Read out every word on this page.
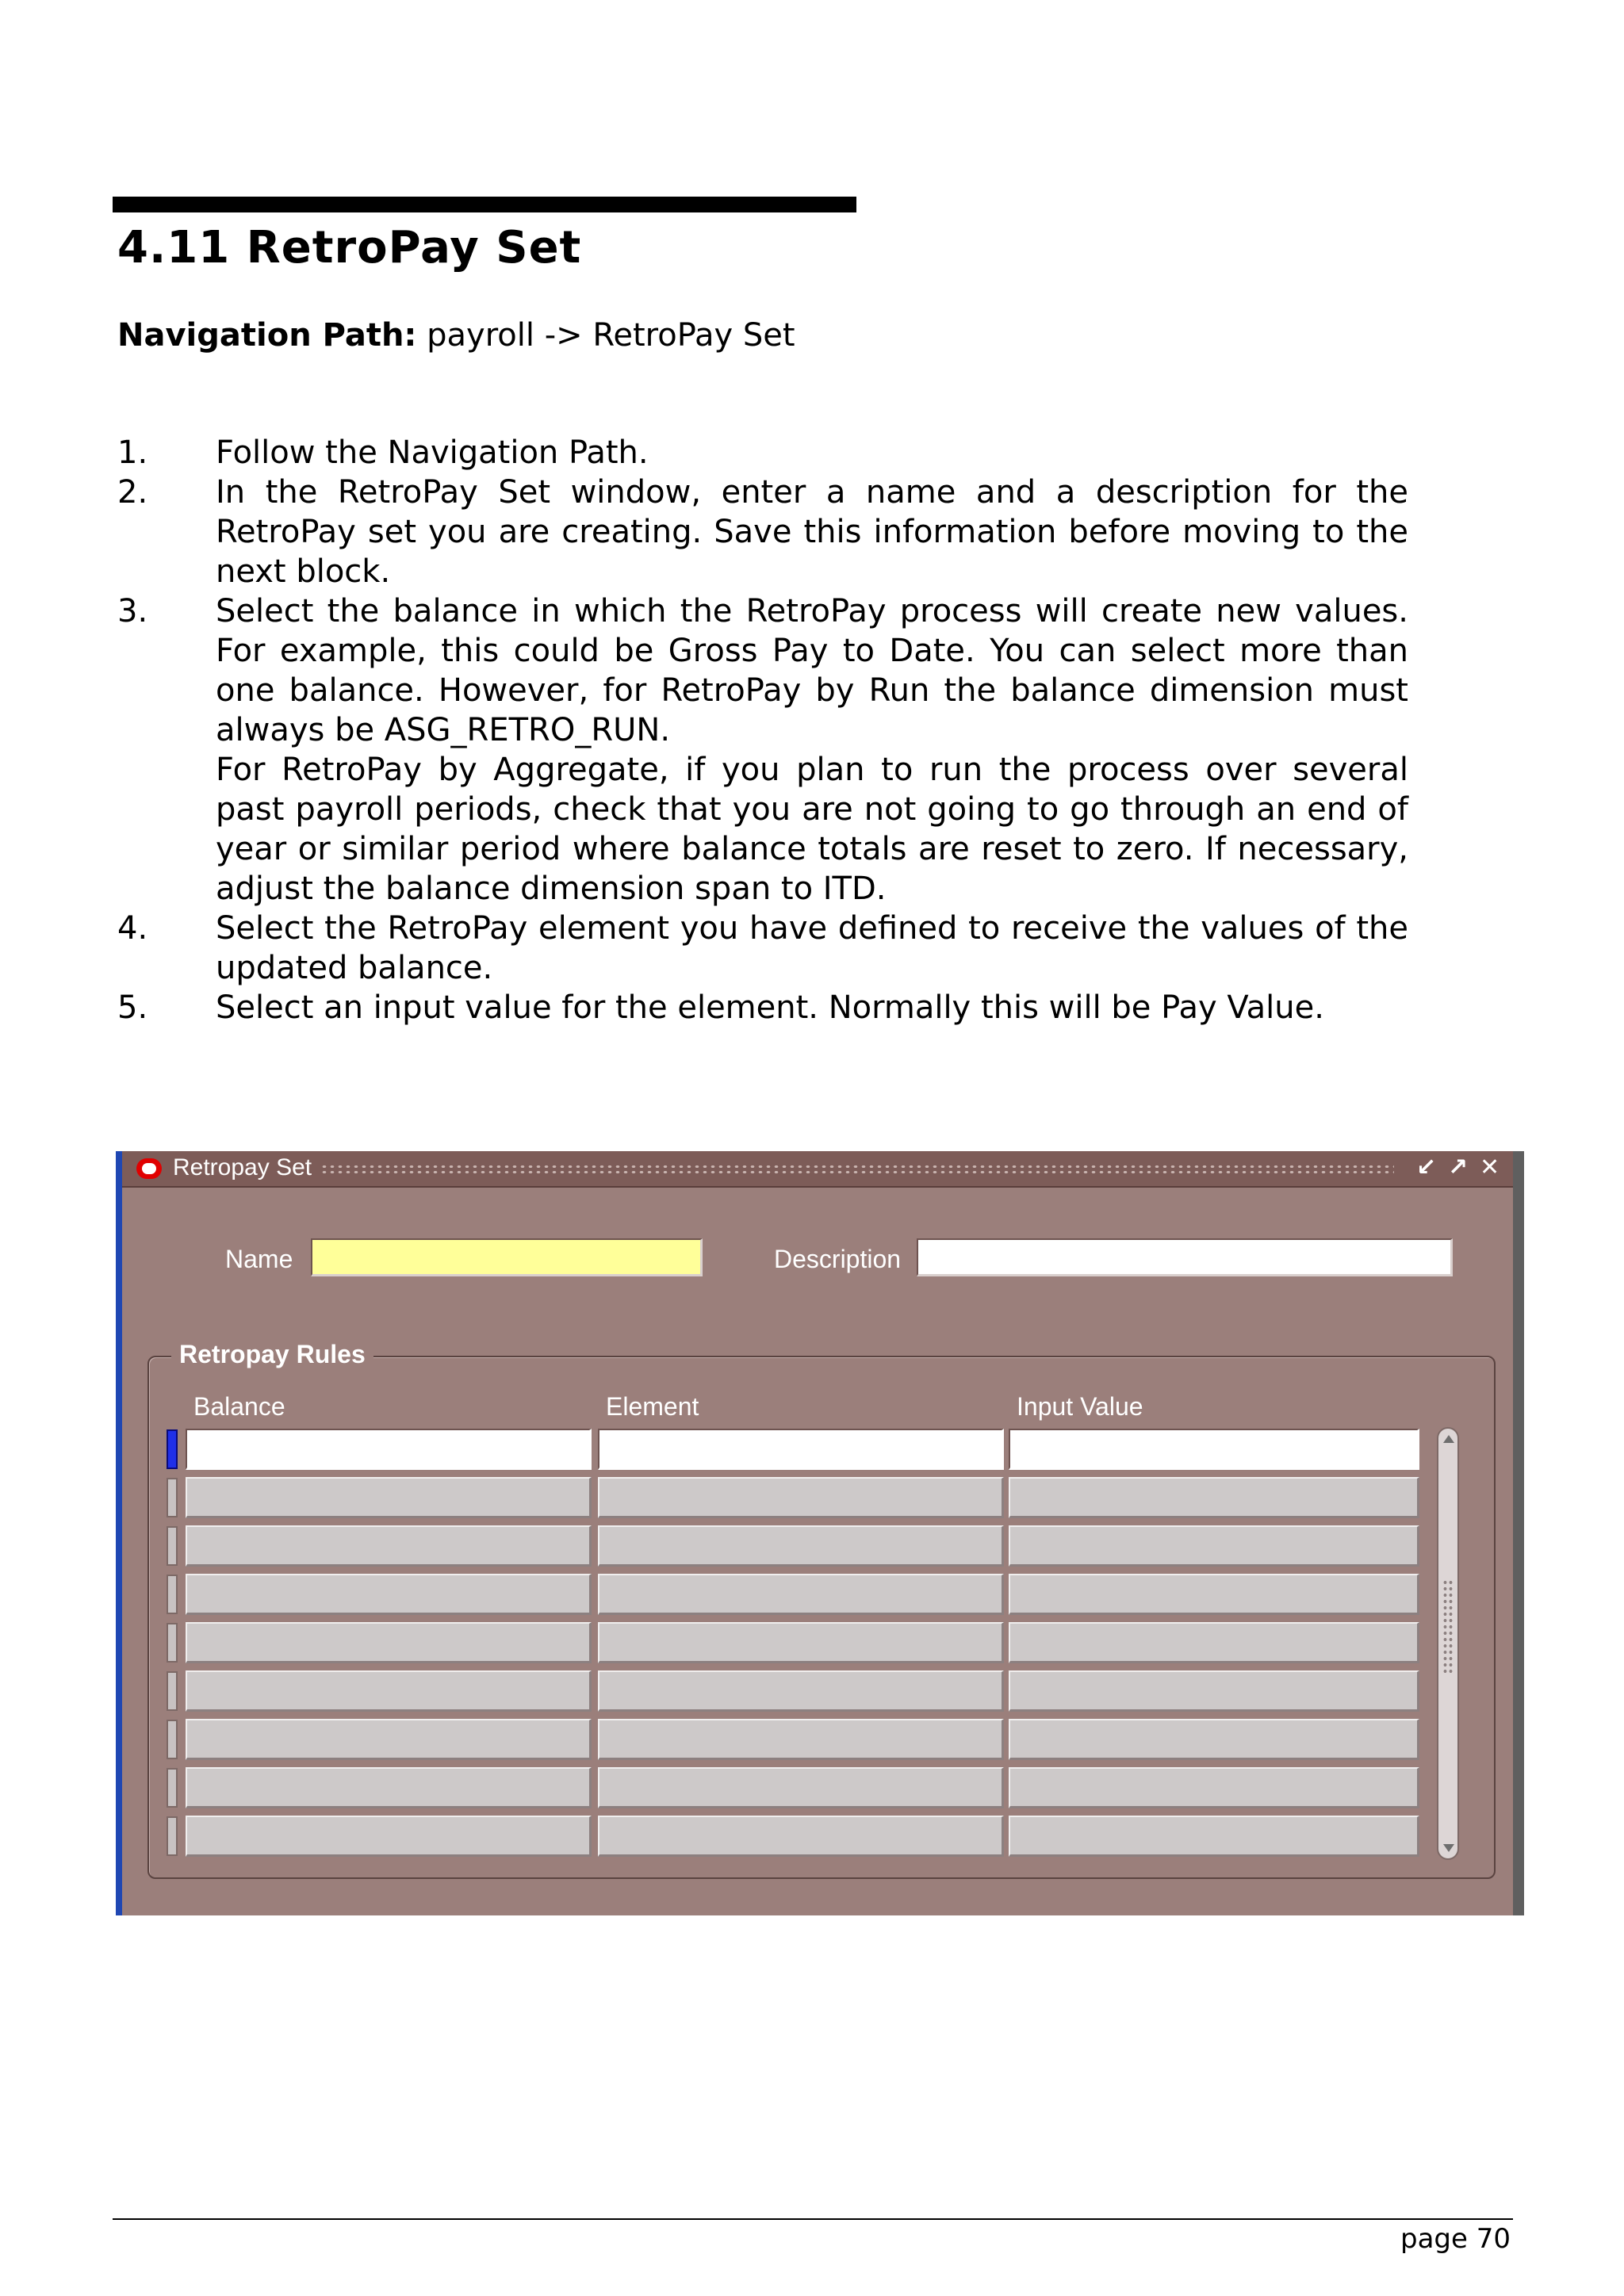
4.11 RetroPay Set
Navigation Path: payroll -> RetroPay Set
1. Follow the Navigation Path.

2. In the RetroPay Set window, enter a name and a description for the RetroPay set you are creating. Save this information before moving to the next block.

3. Select the balance in which the RetroPay process will create new values. For example, this could be Gross Pay to Date. You can select more than one balance. However, for RetroPay by Run the balance dimension must always be ASG_RETRO_RUN.

For RetroPay by Aggregate, if you plan to run the process over several past payroll periods, check that you are not going to go through an end of year or similar period where balance totals are reset to zero. If necessary, adjust the balance dimension span to ITD.

4. Select the RetroPay element you have defined to receive the values of the updated balance.

5. Select an input value for the element. Normally this will be Pay Value.

Retropay Set	↙ ↗ ✕
Name	Description
Retropay Rules
Balance	Element	Input Value
page 70
